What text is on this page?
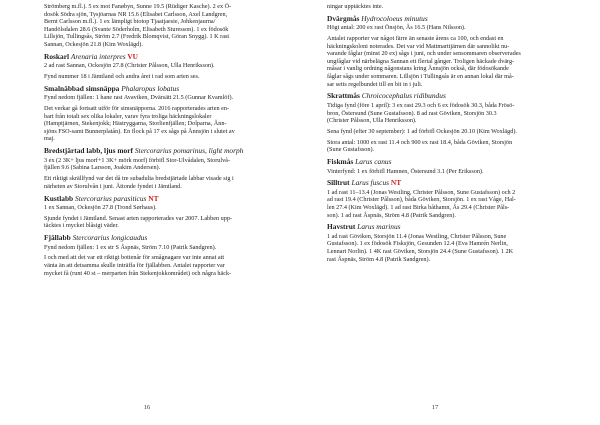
Strömberg m.fl.). 5 ex mot Fanøbyn, Sunne 19.5 (Rüdiger Kasche). 2 ex Ö-
dosök Södra sjön, Tysjöarnas NR 15.6 (Elisabet Carlsson, Axel Landgren,
Bernt Carlsson m.fl.). 1 ex lämpligt biotop Tjaatjaesie, Johkenjaurna/
Handölsdalen 28.6 (Svante Söderholm, Elisabeth Sturesson). 1 ex födosök
Lillsjön, Tullingsås, Ström 2.7 (Fredrik Blomqvist, Göran Snygg). 1 K rast
Sannan, Ockesjön 21.8 (Kim Woxlägd).

Roskarl Arenaria interpres VU

2 ad rast Sannan, Ockesjön 27.8 (Christer Pålsson, Ulla Henriksson).

Fynd nummer 18 i Jämtland och andra året i rad som arten ses.

Smalnäbbad simsnäppa Phalaropus lobatus

Fynd nedom fjällen: 1 hane rast Avaviken, Dvärsätt 21.5 (Gunnar Kvamlöf).

Det verkar gå fortsatt utför för simsnäpporna. 2016 rapporterades arten en-
bart från totalt sex olika lokaler, varav fyra troliga häckningslokaler
(Hamptjärnen, Stekenjokk; Hästryggarna, Storlienfjällen; Dolparna, Ånn-
sjöns FSO-samt Bunnerplatån). En flock på 17 ex sågs på Ånnsjön i slutet av
maj.

Bredstjärtad labb, ljus morf Stercorarius pomarinus, light morph

3 ex (2 3K+ ljus morf+1 3K+ mörk morf) förbifl Stor-Ulvådalen, Storulvå-
fjällen 9.6 (Sabina Larsson, Joakim Andersen).

Ett riktigt skrällfynd var det då tre subadulta bredstjärtade labbar visade sig i
närheten av Storulvån i juni. Åttonde fyndet i Jämtland.

Kustlabb Stercorarius parasiticus NT

1 ex Sannan, Ockesjön 27.8 (Trond Sørhaus).

Sjunde fyndet i Jämtland. Senast arten rapporterades var 2007. Labben upp-
täcktes i mycket blåsigt väder.

Fjällabb Stercorarius longicaudus

Fynd nedom fjällen: 1 ex str S Åspnäs, Ström 7.10 (Patrik Sandgren).

I och med att det var ett riktigt bottenår för smågnagare var inte annat att
vänta än att detsamma skulle inträffa för fjällabben. Antalet rapporter var
mycket få (runt 40 st – merparten från Stekenjokkområdet) och några häck-

16

ningar upptäcktes inte.

Dvärgmås Hydrocoloeus minutus

Högt antal: 200 ex rast Önsjön, Ås 16.5 (Hans Nilsson).

Antalet rapporter var något färre än senaste årens ca 100, och endast en
häckningskoloni noterades. Det var vid Mattmarttjärnen där sannolikt nu-
varande fåglar (minst 20 ex) sågs i juni, och under sensommaren observerades
ungfåglar vid närbelägna Sannan ett flertal gånger. Troligen häckade dvärg-
måsar i vanlig ordning någonstans kring Ånnsjön också, där födosökande
fåglar sågs under sommaren. Lillsjön i Tullingsås är en annan lokal där må-
sar setts regelbundet till en bit in i juli.

Skrattmås Chroicocephalus ridibundus

Tidiga fynd (före 1 april): 3 ex rast 29.3 och 6 ex födosök 30.3, båda Frösö-
bron, Östersund (Sune Gustafsson). 8 ad rast Göviken, Storsjön 30.3
(Christer Pålsson, Ulla Henriksson).

Sena fynd (efter 30 september): 1 ad förbifl Ockesjön 20.10 (Kim Woxlägd).

Stora antal: 1000 ex rast 11.4 och 900 ex rast 18.4, båda Göviken, Storsjön
(Sune Gustafsson).

Fiskmås Larus canus

Vinterfynd: 1 ex förbifl Hamnen, Östersund 3.1 (Per Eriksson).

Silltrut Larus fuscus NT

1 ad rast 11–13.4 (Jonas Westling, Christer Pålsson, Sune Gustafsson) och 2
ad rast 19.4 (Christer Pålsson), båda Göviken, Storsjön. 1 ex rast Våge, Hal-
len 27.4 (Kim Woxlägd). 1 ad rast Birka båthamn, Ås 29.4 (Christer Påls-
son). 1 ad rast Åspnäs, Ström 4.8 (Patrik Sandgren).

Havstrut Larus marinus

1 ad rast Göviken, Storsjön 11.4 (Jonas Westling, Christer Pålsson, Sune
Gustafsson). 1 ex födosök Fisksjön, Gesunden 12.4 (Eva Hamrén Nerlin,
Lennart Norlin). 1 4K rast Göviken, Storsjön 24.4 (Sune Gustafsson). 1 2K
rast Åspnäs, Ström 4.8 (Patrik Sandgren).

17
